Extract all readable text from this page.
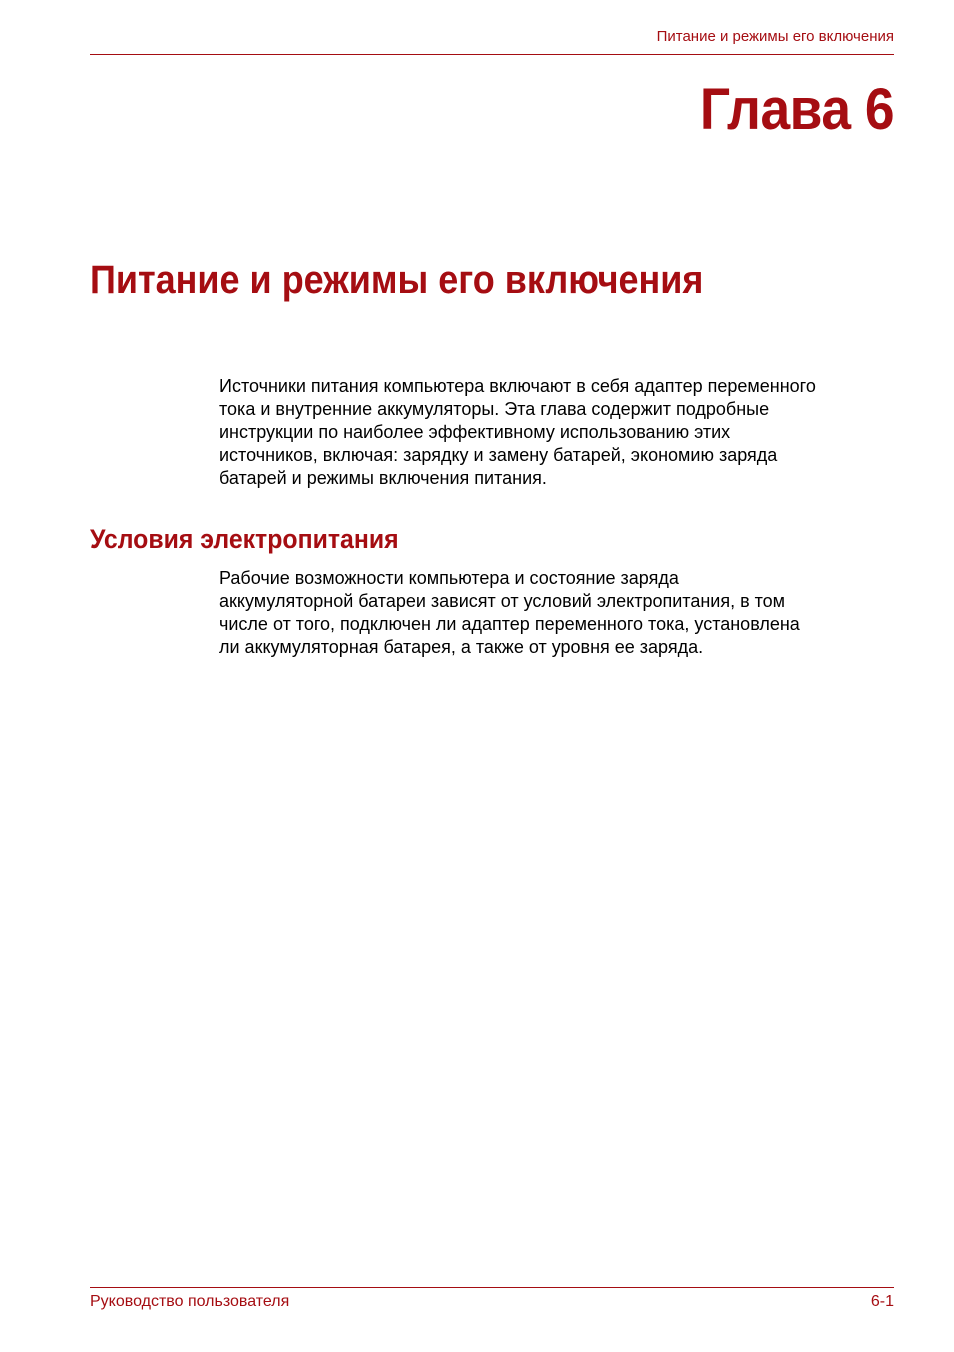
Питание и режимы его включения
Глава 6
Питание и режимы его включения
Источники питания компьютера включают в себя адаптер переменного
тока и внутренние аккумуляторы. Эта глава содержит подробные
инструкции по наиболее эффективному использованию этих
источников, включая: зарядку и замену батарей, экономию заряда
батарей и режимы включения питания.
Условия электропитания
Рабочие возможности компьютера и состояние заряда
аккумуляторной батареи зависят от условий электропитания, в том
числе от того, подключен ли адаптер переменного тока, установлена
ли аккумуляторная батарея, а также от уровня ее заряда.
Руководство пользователя	6-1
